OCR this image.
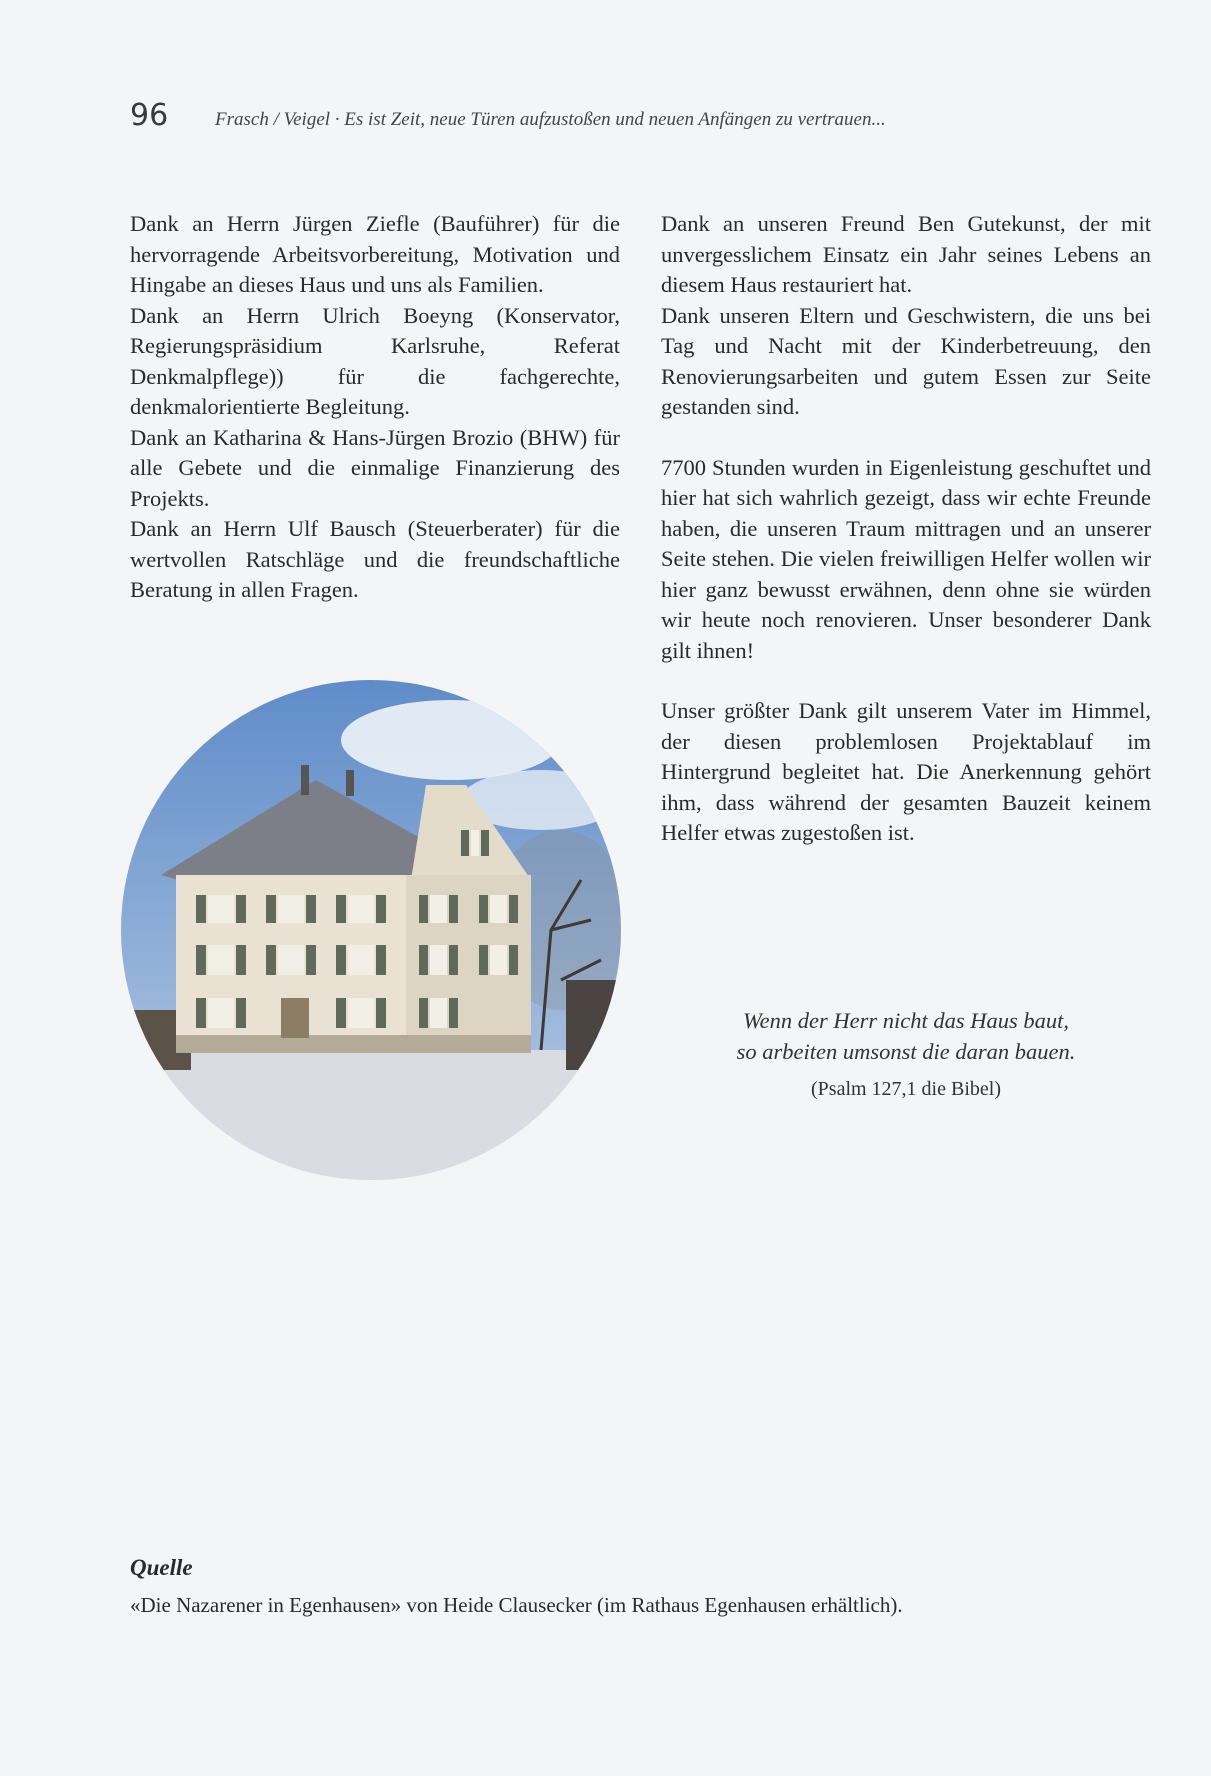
96 Frasch / Veigel · Es ist Zeit, neue Türen aufzustoßen und neuen Anfängen zu vertrauen...

Dank an Herrn Jürgen Ziefle (Bauführer) für die hervorragende Arbeitsvorbereitung, Motivation und Hingabe an dieses Haus und uns als Familien.

Dank an Herrn Ulrich Boeyng (Konservator, Regierungspräsidium Karlsruhe, Referat Denkmalpflege)) für die fachgerechte, denkmalorientierte Begleitung.

Dank an Katharina & Hans-Jürgen Brozio (BHW) für alle Gebete und die einmalige Finanzierung des Projekts.

Dank an Herrn Ulf Bausch (Steuerberater) für die wertvollen Ratschläge und die freundschaftliche Beratung in allen Fragen.

Dank an unseren Freund Ben Gutekunst, der mit unvergesslichem Einsatz ein Jahr seines Lebens an diesem Haus restauriert hat.

Dank unseren Eltern und Geschwistern, die uns bei Tag und Nacht mit der Kinderbetreuung, den Renovierungsarbeiten und gutem Essen zur Seite gestanden sind.

7700 Stunden wurden in Eigenleistung geschuftet und hier hat sich wahrlich gezeigt, dass wir echte Freunde haben, die unseren Traum mittragen und an unserer Seite stehen. Die vielen freiwilligen Helfer wollen wir hier ganz bewusst erwähnen, denn ohne sie würden wir heute noch renovieren. Unser besonderer Dank gilt ihnen!

Unser größter Dank gilt unserem Vater im Himmel, der diesen problemlosen Projektablauf im Hintergrund begleitet hat. Die Anerkennung gehört ihm, dass während der gesamten Bauzeit keinem Helfer etwas zugestoßen ist.

Wenn der Herr nicht das Haus baut,
so arbeiten umsonst die daran bauen.
(Psalm 127,1 die Bibel)
Quelle
«Die Nazarener in Egenhausen» von Heide Clausecker (im Rathaus Egenhausen erhältlich).
